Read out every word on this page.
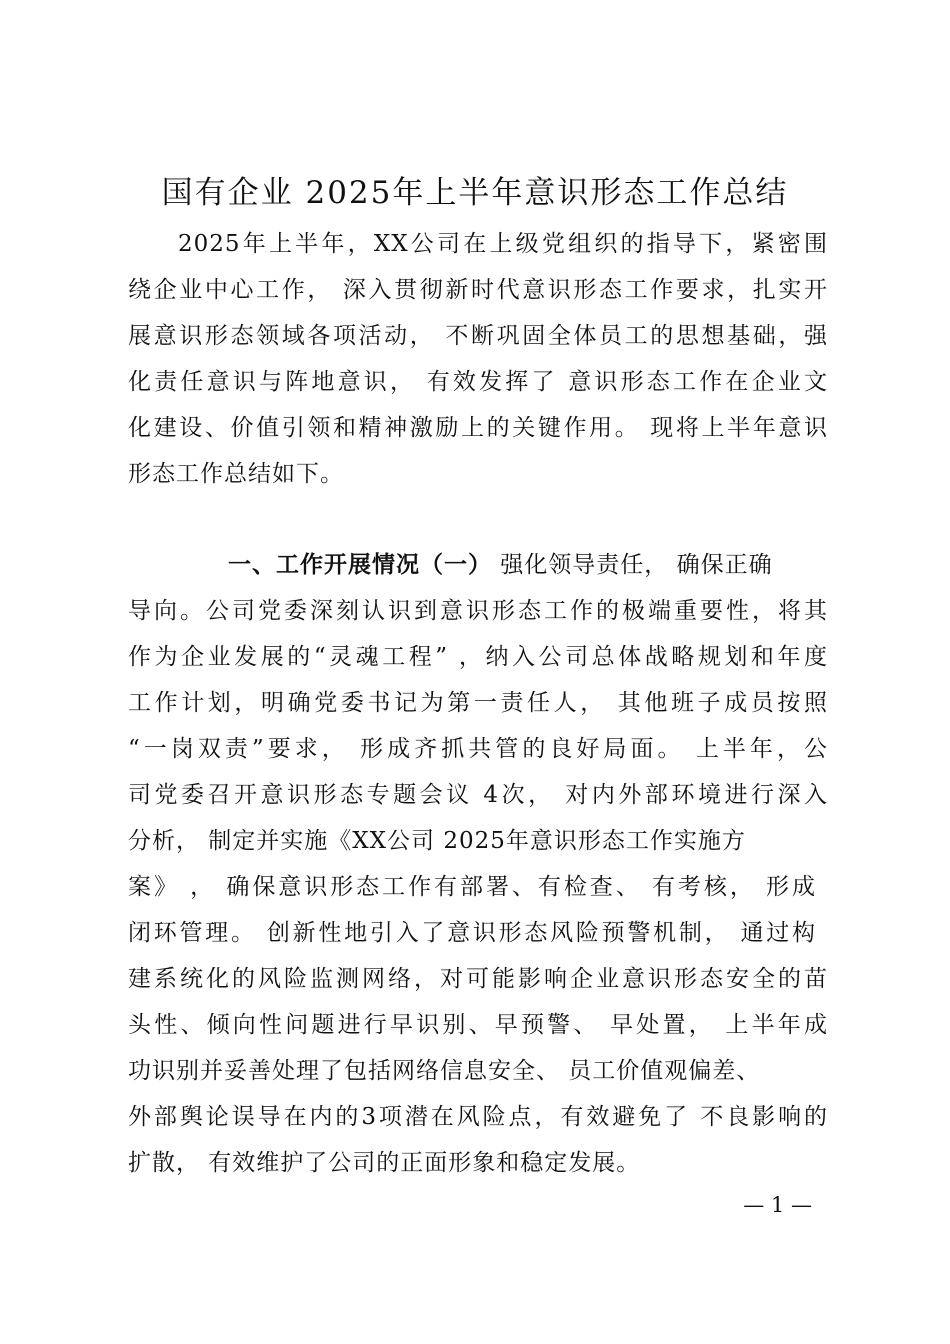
国有企业 2025年上半年意识形态工作总结
2025年上半年，XX公司在上级党组织的指导下，紧密围
绕企业中心工作， 深入贯彻新时代意识形态工作要求，扎实开
展意识形态领域各项活动， 不断巩固全体员工的思想基础，强
化责任意识与阵地意识， 有效发挥了 意识形态工作在企业文
化建设、价值引领和精神激励上的关键作用。 现将上半年意识
形态工作总结如下。
一、工作开展情况（一） 强化领导责任， 确保正确
导向。公司党委深刻认识到意识形态工作的极端重要性，将其
作为企业发展的“灵魂工程” ，纳入公司总体战略规划和年度
工作计划，明确党委书记为第一责任人， 其他班子成员按照
“一岗双责”要求， 形成齐抓共管的良好局面。 上半年，公
司党委召开意识形态专题会议 4次， 对内外部环境进行深入
分析， 制定并实施《XX公司 2025年意识形态工作实施方
案》 ， 确保意识形态工作有部署、有检查、 有考核， 形成
闭环管理。 创新性地引入了意识形态风险预警机制， 通过构
建系统化的风险监测网络，对可能影响企业意识形态安全的苗
头性、倾向性问题进行早识别、早预警、 早处置， 上半年成
功识别并妥善处理了包括网络信息安全、 员工价值观偏差、
外部舆论误导在内的3项潜在风险点，有效避免了 不良影响的
扩散， 有效维护了公司的正面形象和稳定发展。
— 1 —
